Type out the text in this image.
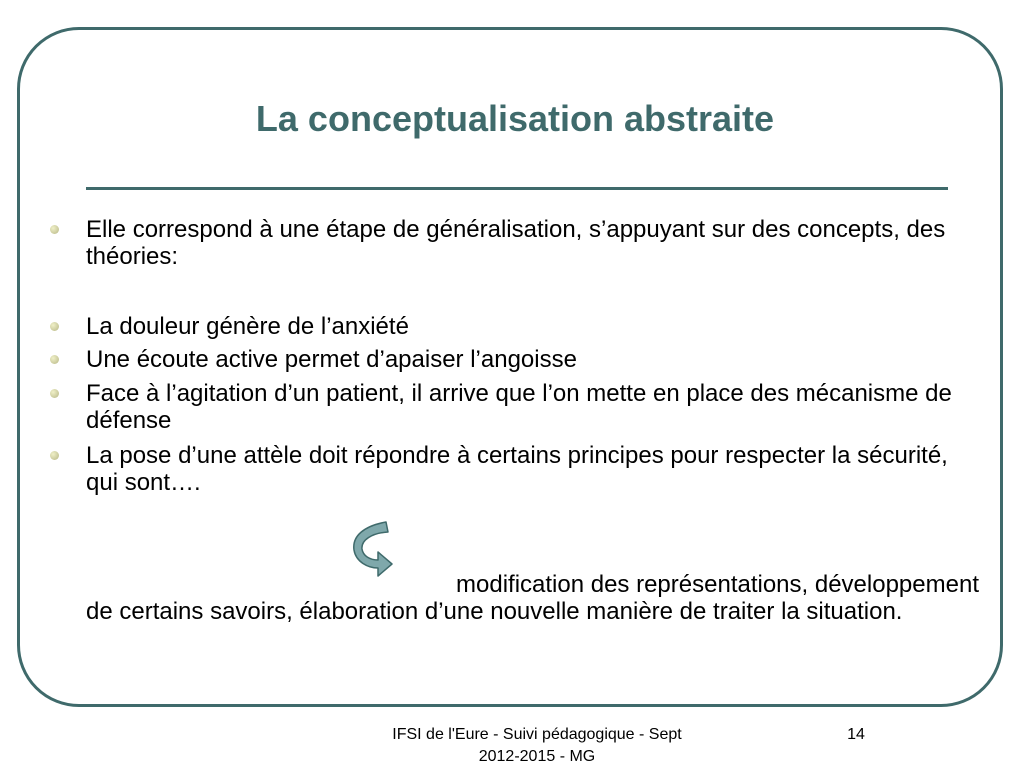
La conceptualisation abstraite
Elle correspond à une étape de généralisation, s’appuyant sur des concepts, des théories:
La douleur génère de l’anxiété
Une écoute active permet d’apaiser l’angoisse
Face à l’agitation d’un patient, il arrive que l’on mette en place des mécanisme de défense
La pose d’une attèle doit répondre à certains principes pour respecter la sécurité, qui sont….
modification des représentations, développement de certains savoirs, élaboration d’une nouvelle manière de traiter la situation.
IFSI de l'Eure - Suivi pédagogique - Sept 2012-2015 - MG
14
